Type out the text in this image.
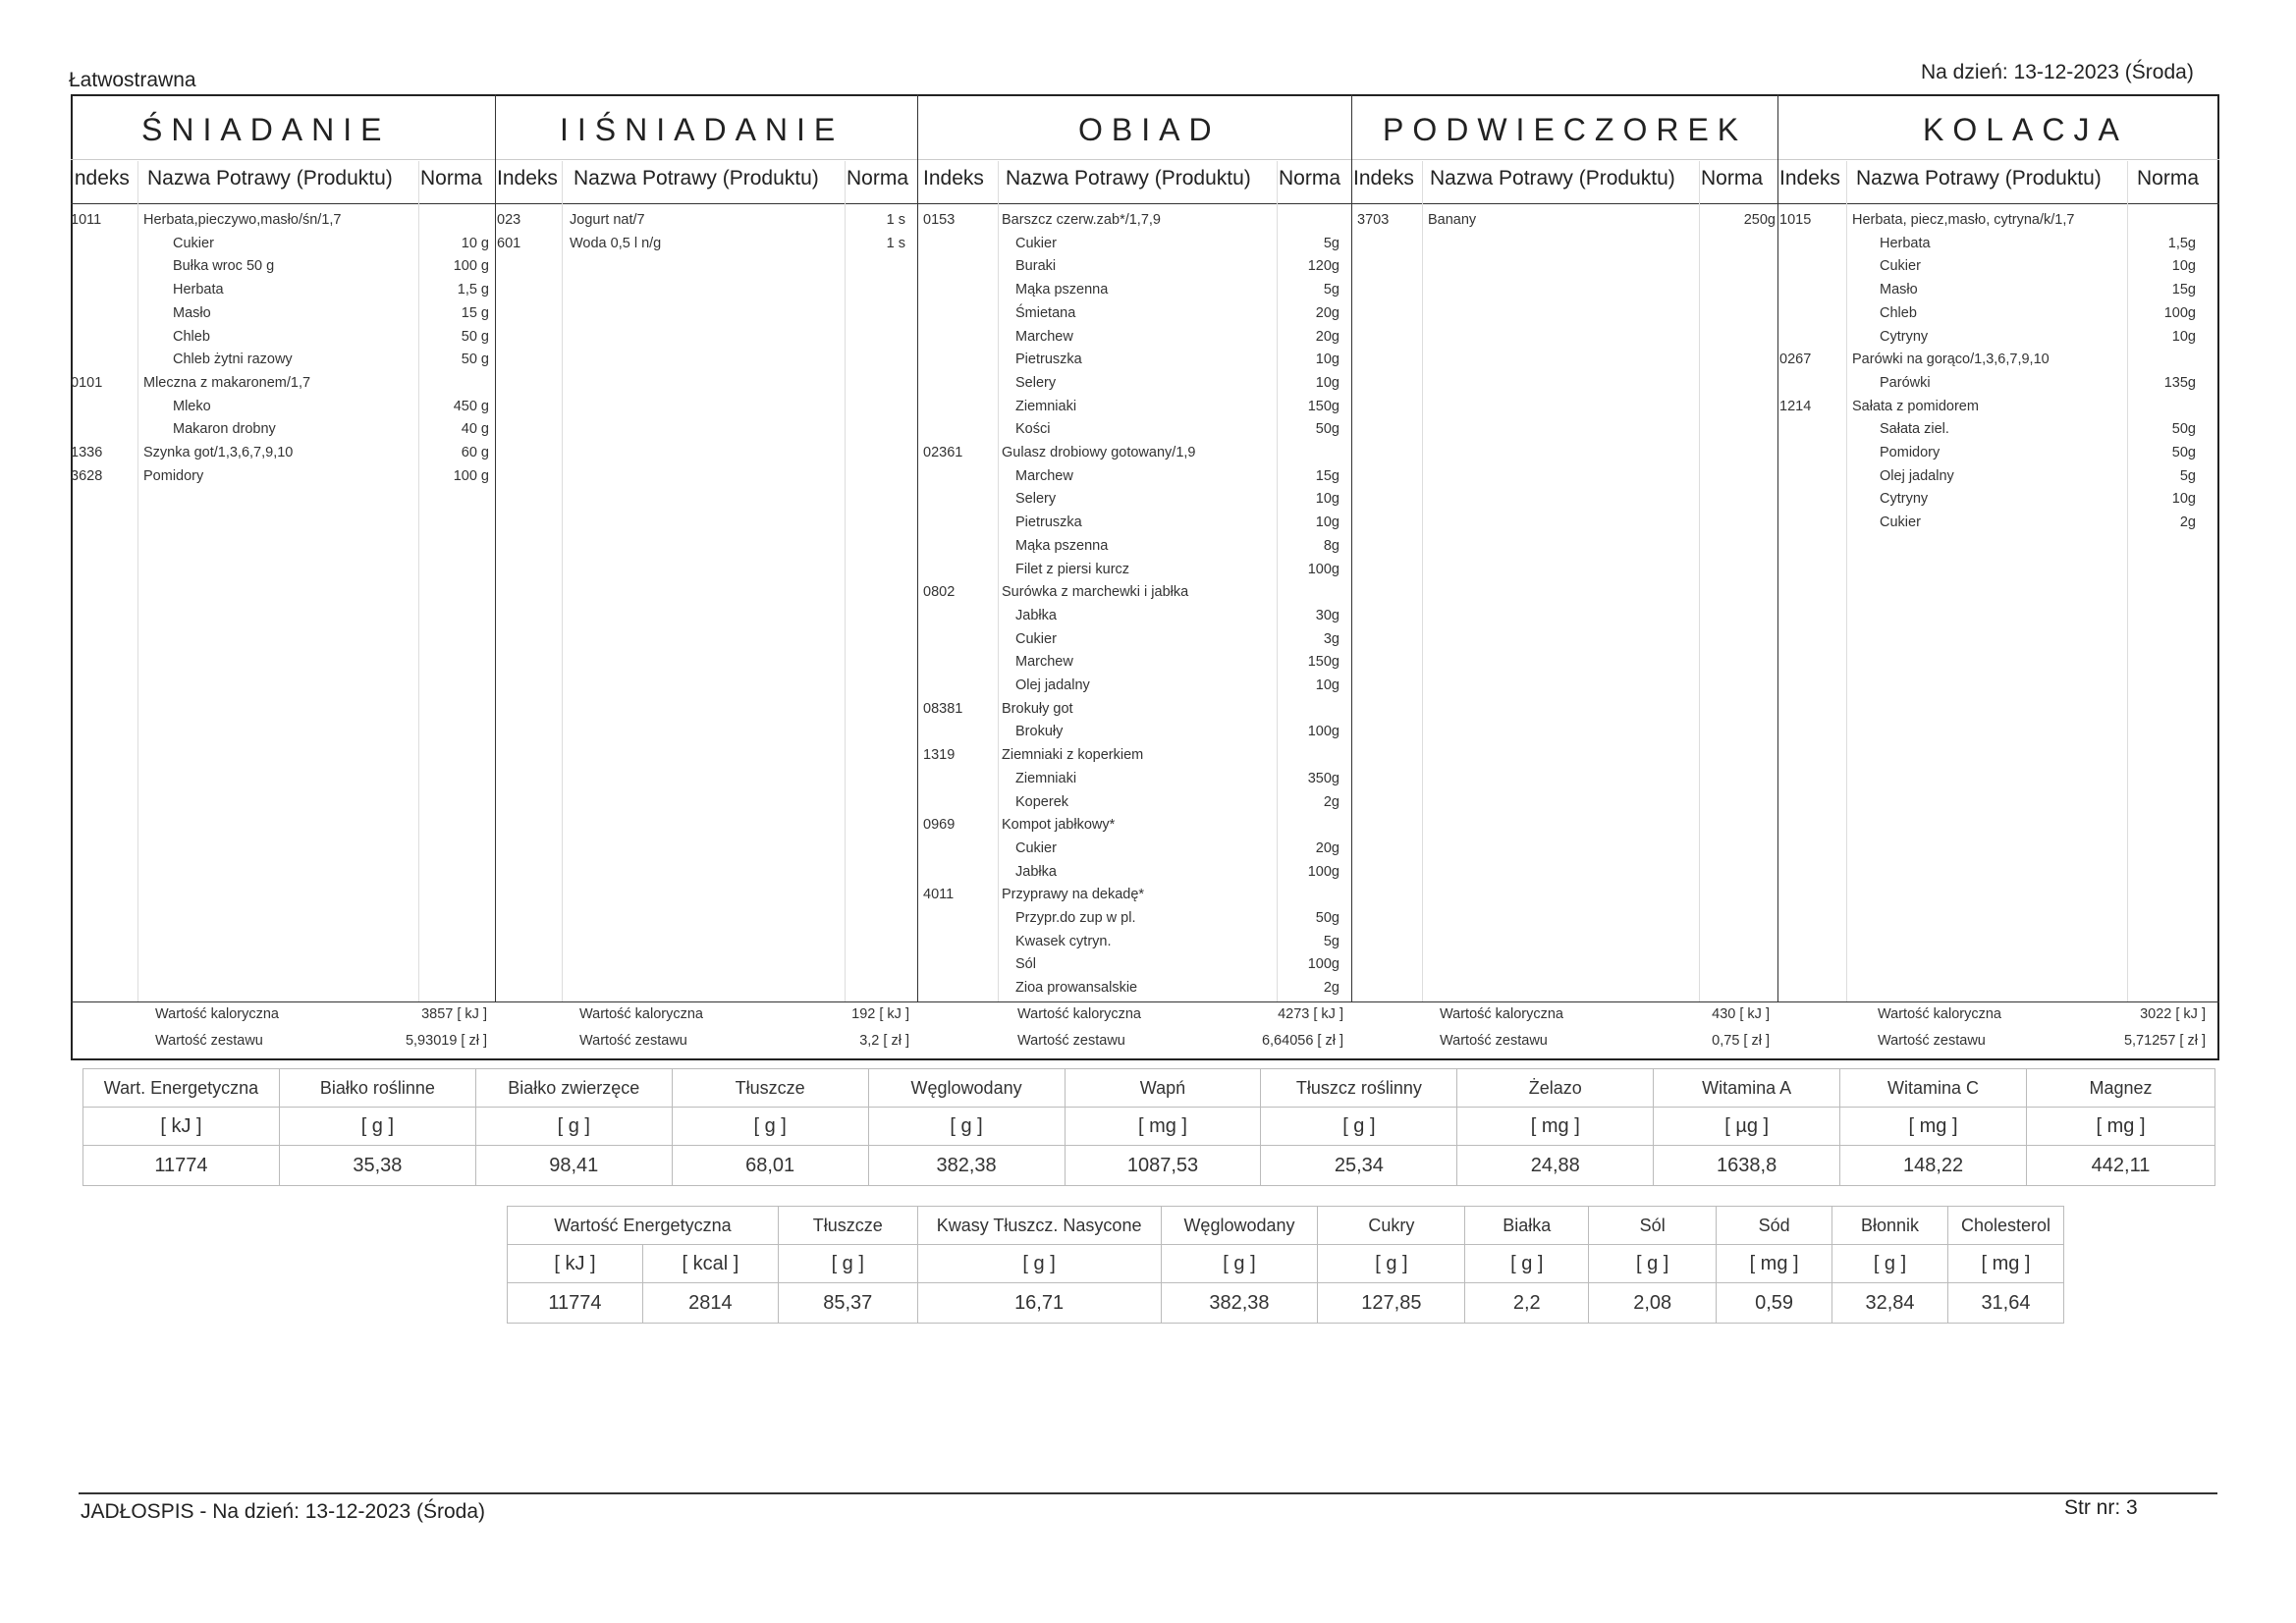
Łatwostrawna	Na dzień: 13-12-2023 (Środa)
ŚNIADANIE
Indeks Nazwa Potrawy (Produktu) Norma
1011	Herbata,pieczywo,masło/śn/1,7
Cukier	10 g
Bułka wroc 50 g	100 g
Herbata	1,5 g
Masło	15 g
Chleb	50 g
Chleb żytni razowy	50 g
0101	Mleczna z makaronem/1,7
Mleko	450 g
Makaron drobny	40 g
1336	Szynka got/1,3,6,7,9,10	60 g
3628	Pomidory	100 g
Wartość kaloryczna	3857 [ kJ ]
Wartość zestawu	5,93019 [ zł ]
IIŚNIADANIE
Indeks Nazwa Potrawy (Produktu) Norma
023	Jogurt nat/7	1 s
601	Woda 0,5 l n/g	1 s
Wartość kaloryczna	192 [ kJ ]
Wartość zestawu	3,2 [ zł ]
OBIAD
Indeks Nazwa Potrawy (Produktu) Norma
0153	Barszcz czerw.zab*/1,7,9
Cukier	5g
Buraki	120g
Mąka pszenna	5g
Śmietana	20g
Marchew	20g
Pietruszka	10g
Selery	10g
Ziemniaki	150g
Kości	50g
02361	Gulasz drobiowy gotowany/1,9
Marchew	15g
Selery	10g
Pietruszka	10g
Mąka pszenna	8g
Filet z piersi kurcz	100g
0802	Surówka z marchewki i jabłka
Jabłka	30g
Cukier	3g
Marchew	150g
Olej jadalny	10g
08381	Brokuły got
Brokuły	100g
1319	Ziemniaki z koperkiem
Ziemniaki	350g
Koperek	2g
0969	Kompot jabłkowy*
Cukier	20g
Jabłka	100g
4011	Przyprawy na dekadę*
Przypr.do zup w pl.	50g
Kwasek cytryn.	5g
Sól	100g
Zioa prowansalskie	2g
Wartość kaloryczna	4273 [ kJ ]
Wartość zestawu	6,64056 [ zł ]
PODWIECZOREK
Indeks Nazwa Potrawy (Produktu) Norma
3703	Banany	250g
Wartość kaloryczna	430 [ kJ ]
Wartość zestawu	0,75 [ zł ]
KOLACJA
Indeks Nazwa Potrawy (Produktu) Norma
1015	Herbata, piecz,masło, cytryna/k/1,7
Herbata	1,5g
Cukier	10g
Masło	15g
Chleb	100g
Cytryny	10g
0267	Parówki na gorąco/1,3,6,7,9,10
Parówki	135g
1214	Sałata z pomidorem
Sałata ziel.	50g
Pomidory	50g
Olej jadalny	5g
Cytryny	10g
Cukier	2g
Wartość kaloryczna	3022 [ kJ ]
Wartość zestawu	5,71257 [ zł ]
Wart. Energetyczna	Białko roślinne	Białko zwierzęce	Tłuszcze	Węglowodany	Wapń	Tłuszcz roślinny	Żelazo	Witamina A	Witamina C	Magnez
[ kJ ]	[ g ]	[ g ]	[ g ]	[ g ]	[ mg ]	[ g ]	[ mg ]	[ µg ]	[ mg ]	[ mg ]
11774	35,38	98,41	68,01	382,38	1087,53	25,34	24,88	1638,8	148,22	442,11
Wartość Energetyczna		Tłuszcze	Kwasy Tłuszcz. Nasycone	Węglowodany	Cukry	Białka	Sól	Sód	Błonnik	Cholesterol
[ kJ ]	[ kcal ]	[ g ]	[ g ]	[ g ]	[ g ]	[ g ]	[ g ]	[ mg ]	[ g ]	[ mg ]
11774	2814	85,37	16,71	382,38	127,85	2,2	2,08	0,59	32,84	31,64
JADŁOSPIS - Na dzień: 13-12-2023 (Środa)	Str nr: 3
